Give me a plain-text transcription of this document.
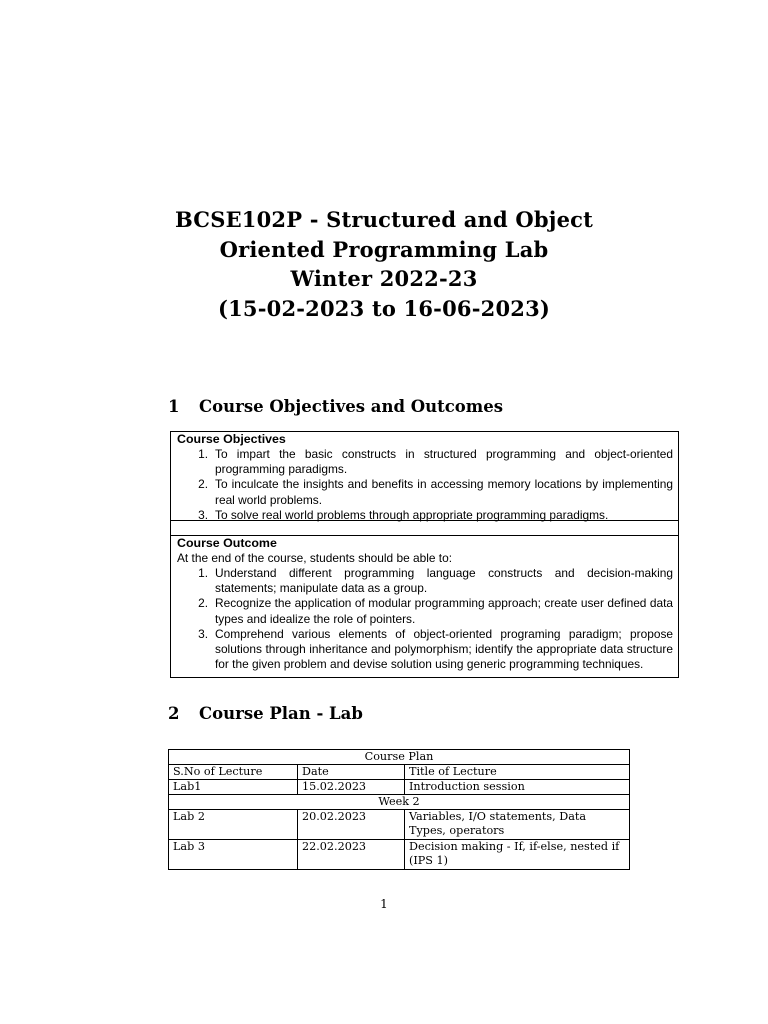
BCSE102P - Structured and Object
Oriented Programming Lab
Winter 2022-23
(15-02-2023 to 16-06-2023)
1 Course Objectives and Outcomes
Course Objectives
1. To impart the basic constructs in structured programming and object-oriented programming paradigms.
2. To inculcate the insights and benefits in accessing memory locations by implementing real world problems.
3. To solve real world problems through appropriate programming paradigms.
Course Outcome
At the end of the course, students should be able to:
1. Understand different programming language constructs and decision-making statements; manipulate data as a group.
2. Recognize the application of modular programming approach; create user defined data types and idealize the role of pointers.
3. Comprehend various elements of object-oriented programing paradigm; propose solutions through inheritance and polymorphism; identify the appropriate data structure for the given problem and devise solution using generic programming techniques.
2 Course Plan - Lab
Course Plan		
S.No of Lecture	Date	Title of Lecture
Lab1	15.02.2023	Introduction session
Week 2		
Lab 2	20.02.2023	Variables, I/O statements, Data Types, operators
Lab 3	22.02.2023	Decision making - If, if-else, nested if (IPS 1)
1
